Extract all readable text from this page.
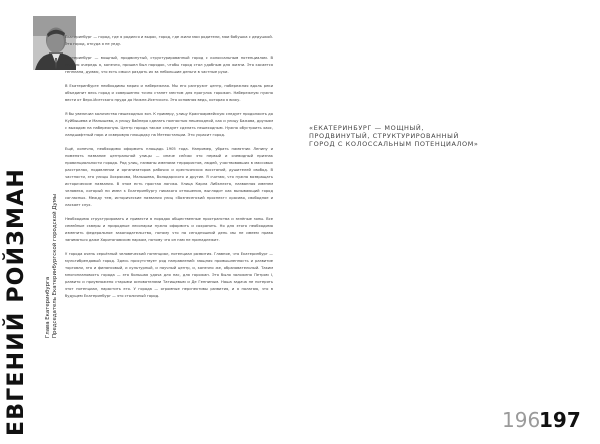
ЕВГЕНИЙ РОЙЗМАН	Глава Екатеринбурга Председатель Екатеринбургской городской Думы

Екатеринбург — город, где я родился и вырос, город, где жили мои родители, мои бабушка с дедушкой. Это город, откуда я не уеду.

Екатеринбург — мощный, продвинутый, структурированный город с колоссальным потенциалом. В первую очередь я, конечно, пришел был порядок, чтобы город стал удобным для жизни. Это касается генплана, думаю, что есть смысл раздать их за небольшие деньги в частные руки.

В Екатеринбурге необходимы мэрия и набережная. Мы его разгрузит центр, набережная вдоль реки объединит весь город и совершенно точно станет местом для прогулок горожан. Набережную нужно вести от Верх-Исетского пруда до Нижне-Исетского. Это основная ведь, которая я вижу.

Я бы увеличил количество пешеходных зон. К примеру, улицу Красноармейскую следует продолжить до Куйбышева и Малышева, а улицу Вайнера сделать полностью пешеходной, как и улицу Бажова, друзьям с выходом на набережную. Центр города также следует сделать пешеходным. Нужно обустроить хаос, ландшафтный парк и скверовую площадку на Метеостанции. Это украсит город.

Ещё, конечно, необходимо оформить площадь 1905 года. Например, убрать памятник Ленину и поменять название центральной улицы — иначе сейчас это первый и очевидный признак провинциальности города. Ряд улиц, названы именами террористов, людей, участвовавших в массовых расстрелах, подавлении и организаторов рабочих и крестьянских восстаний, душителей свобод. В частности, это улицы Хохрякова, Малышева, Володарского и другие. Я считаю, что нужно возвращать исторические названия. В этом есть простая логика. Улица Карла Либкнехта, названная именем человека, который ни имел к Екатеринбургу никакого отношения, выглядит как вызывающий город согласных. Между тем, исторические названия улиц «Вознесенский проспект» красиво, свободное и ласкает слух.

Необходимо структурировать и привести в порядок общественные пространства и зелёные зоны. Все семейные скверы и природные лесопарки нужно оформить и сохранить. Но для этого необходимо изменить федеральное законодательство, потому что на сегодняшний день мы не имеем права заниматься даже Харитоновским парком, потому что он нам не принадлежит.

У города очень серьёзный человеческий потенциал, потенциал развития. Главное, что Екатеринбург — мультибрендовый город. Здесь присутствует ряд направлений: мощная промышленность и развитие торговли, это и финансовый, и культурный, и научный центр, и, конечно же, образовательный. Таким многоплановость города — это большая удача для нас, для горожан. Это было заложено Петром I, развито и приумножено старыми основателями Татищевым и Де Генниным. Наша задача не потерять этот потенциал, нарастить его. У города — огромные перспективы развития, и я полагаю, что в будущем Екатеринбург — это столичный город.

«ЕКАТЕРИНБУРГ — МОЩНЫЙ, ПРОДВИНУТЫЙ, СТРУКТУРИРОВАННЫЙ ГОРОД С КОЛОССАЛЬНЫМ ПОТЕНЦИАЛОМ»
196
197
